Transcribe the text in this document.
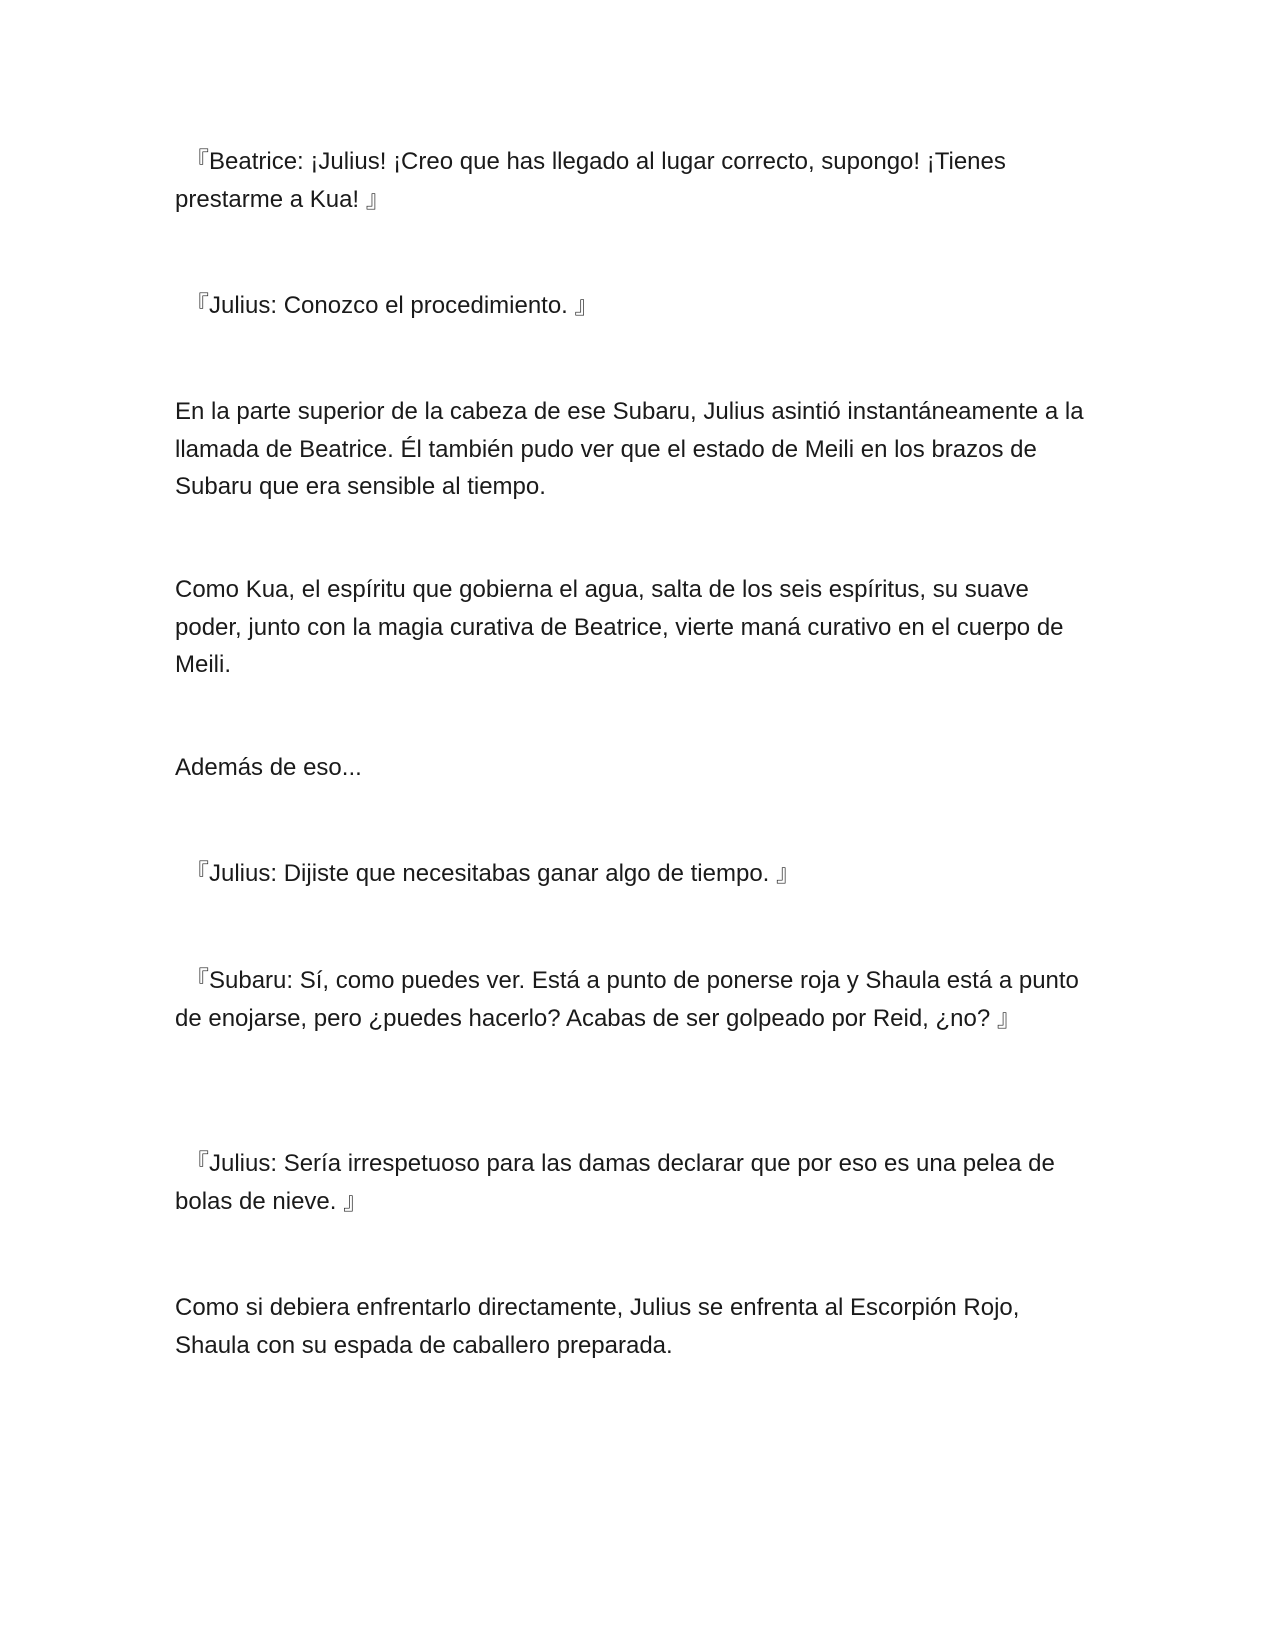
『Beatrice: ¡Julius! ¡Creo que has llegado al lugar correcto, supongo! ¡Tienes prestarme a Kua! 』

『Julius: Conozco el procedimiento. 』

En la parte superior de la cabeza de ese Subaru, Julius asintió instantáneamente a la llamada de Beatrice. Él también pudo ver que el estado de Meili en los brazos de Subaru que era sensible al tiempo.

Como Kua, el espíritu que gobierna el agua, salta de los seis espíritus, su suave poder, junto con la magia curativa de Beatrice, vierte maná curativo en el cuerpo de Meili.

Además de eso...

『Julius: Dijiste que necesitabas ganar algo de tiempo. 』

『Subaru: Sí, como puedes ver. Está a punto de ponerse roja y Shaula está a punto de enojarse, pero ¿puedes hacerlo? Acabas de ser golpeado por Reid, ¿no? 』

『Julius: Sería irrespetuoso para las damas declarar que por eso es una pelea de bolas de nieve. 』

Como si debiera enfrentarlo directamente, Julius se enfrenta al Escorpión Rojo, Shaula con su espada de caballero preparada.
